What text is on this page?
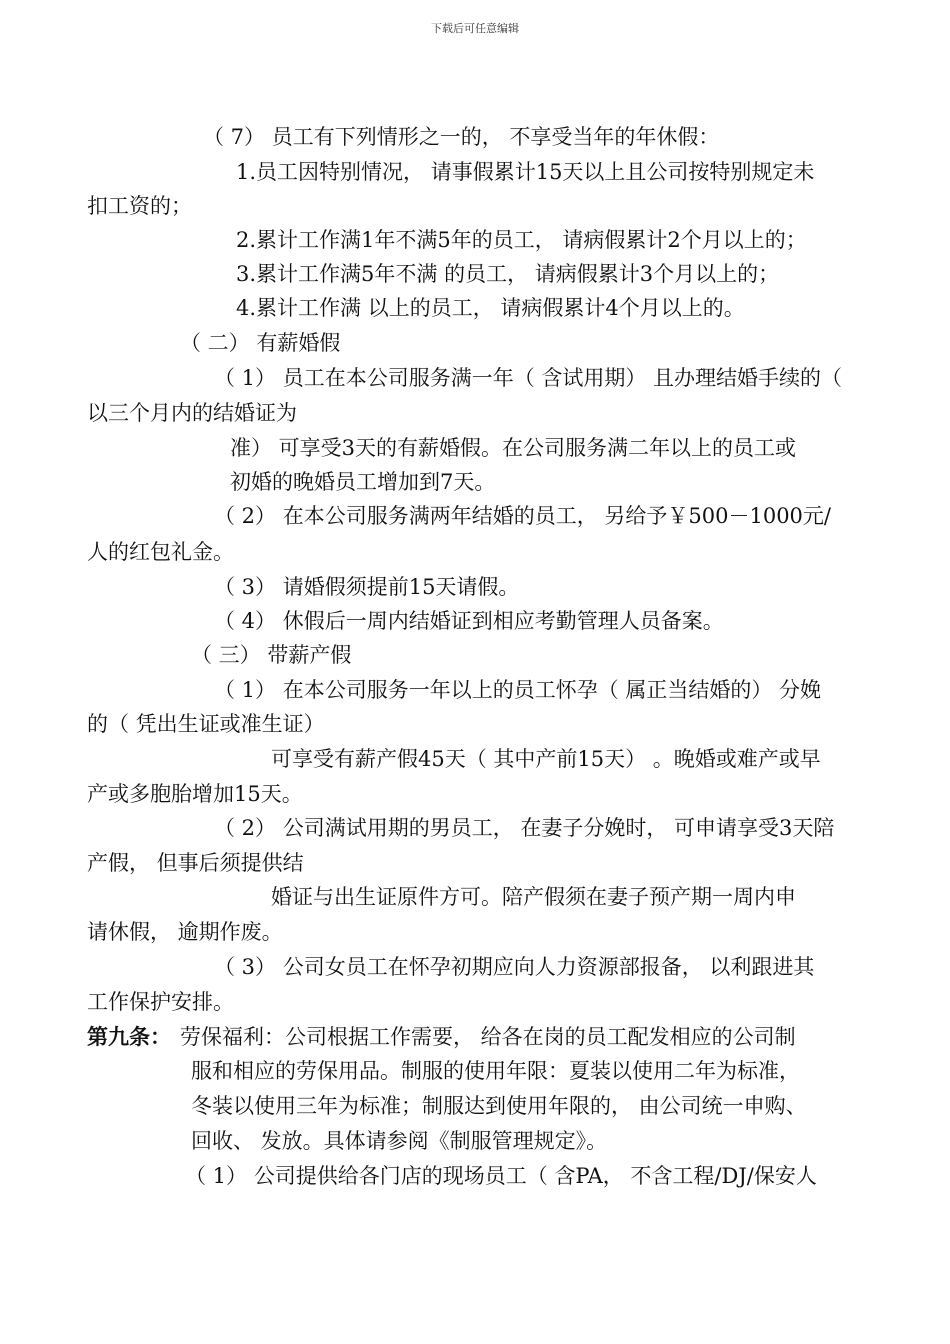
下载后可任意编辑
（ 7） 员工有下列情形之一的， 不享受当年的年休假：
1.员工因特别情况， 请事假累计15天以上且公司按特别规定未
扣工资的；
2.累计工作满1年不满5年的员工， 请病假累计2个月以上的；
3.累计工作满5年不满 的员工， 请病假累计3个月以上的；
4.累计工作满 以上的员工， 请病假累计4个月以上的。
（ 二） 有薪婚假
（ 1） 员工在本公司服务满一年（ 含试用期） 且办理结婚手续的（
以三个月内的结婚证为
准） 可享受3天的有薪婚假。在公司服务满二年以上的员工或
初婚的晚婚员工增加到7天。
（ 2） 在本公司服务满两年结婚的员工， 另给予￥500－1000元/
人的红包礼金。
（ 3） 请婚假须提前15天请假。
（ 4） 休假后一周内结婚证到相应考勤管理人员备案。
（ 三） 带薪产假
（ 1） 在本公司服务一年以上的员工怀孕（ 属正当结婚的） 分娩
的（ 凭出生证或准生证）
可享受有薪产假45天（ 其中产前15天） 。晚婚或难产或早
产或多胞胎增加15天。
（ 2） 公司满试用期的男员工， 在妻子分娩时， 可申请享受3天陪
产假， 但事后须提供结
婚证与出生证原件方可。陪产假须在妻子预产期一周内申
请休假， 逾期作废。
（ 3） 公司女员工在怀孕初期应向人力资源部报备， 以利跟进其
工作保护安排。
第九条： 劳保福利：公司根据工作需要， 给各在岗的员工配发相应的公司制
服和相应的劳保用品。制服的使用年限：夏装以使用二年为标准，
冬装以使用三年为标准；制服达到使用年限的， 由公司统一申购、
回收、 发放。具体请参阅《制服管理规定》。
（ 1） 公司提供给各门店的现场员工（ 含PA， 不含工程/DJ/保安人
